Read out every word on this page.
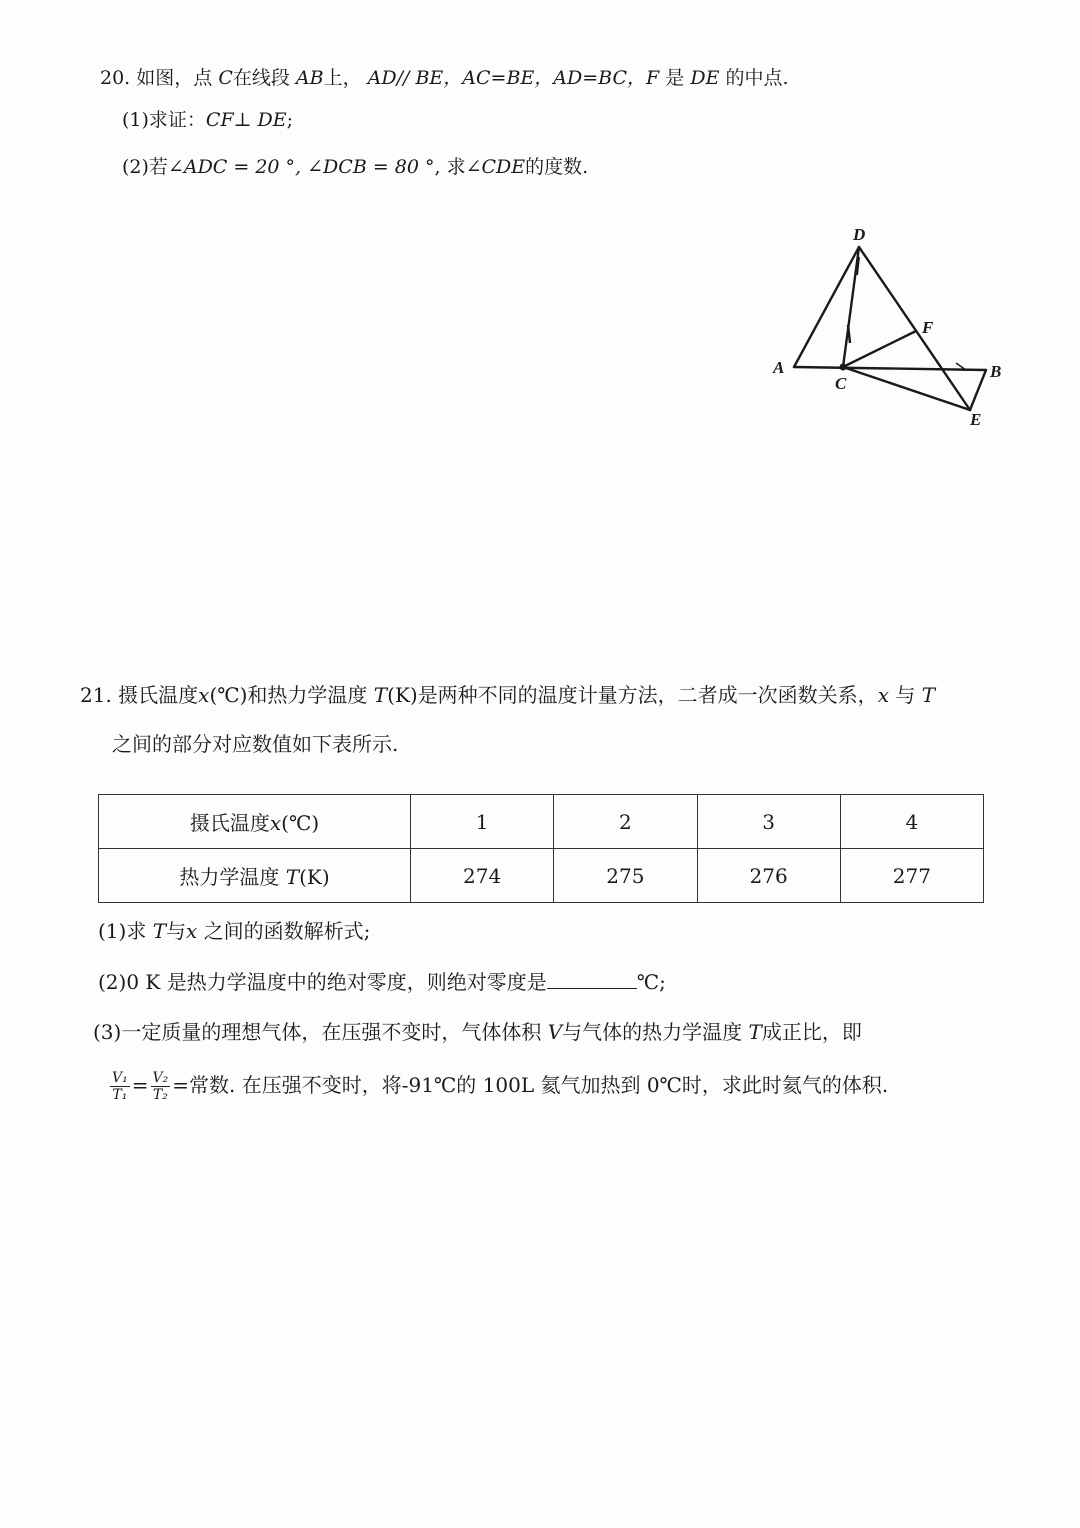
20. 如图，点 C在线段 AB上， AD// BE，AC=BE，AD=BC，F 是 DE 的中点.
(1)求证：CF⊥ DE;
(2)若∠ADC = 20 °, ∠DCB = 80 °, 求∠CDE的度数.
D
A
C
F
B
E
21. 摄氏温度x(℃)和热力学温度 T(K)是两种不同的温度计量方法，二者成一次函数关系，x 与 T
之间的部分对应数值如下表所示.
摄氏温度x(℃)	1	2	3	4
热力学温度 T(K)	274	275	276	277
(1)求 T与x 之间的函数解析式;
(2)0 K 是热力学温度中的绝对零度，则绝对零度是	℃;
(3)一定质量的理想气体，在压强不变时，气体体积 V与气体的热力学温度 T成正比，即
$\frac{\text{V₁}}{\text{T₁}} = \frac{\text{V₂}}{\text{T₂}}$ =常数. 在压强不变时，将-91℃的 100L 氦气加热到 0℃时，求此时氦气的体积.
